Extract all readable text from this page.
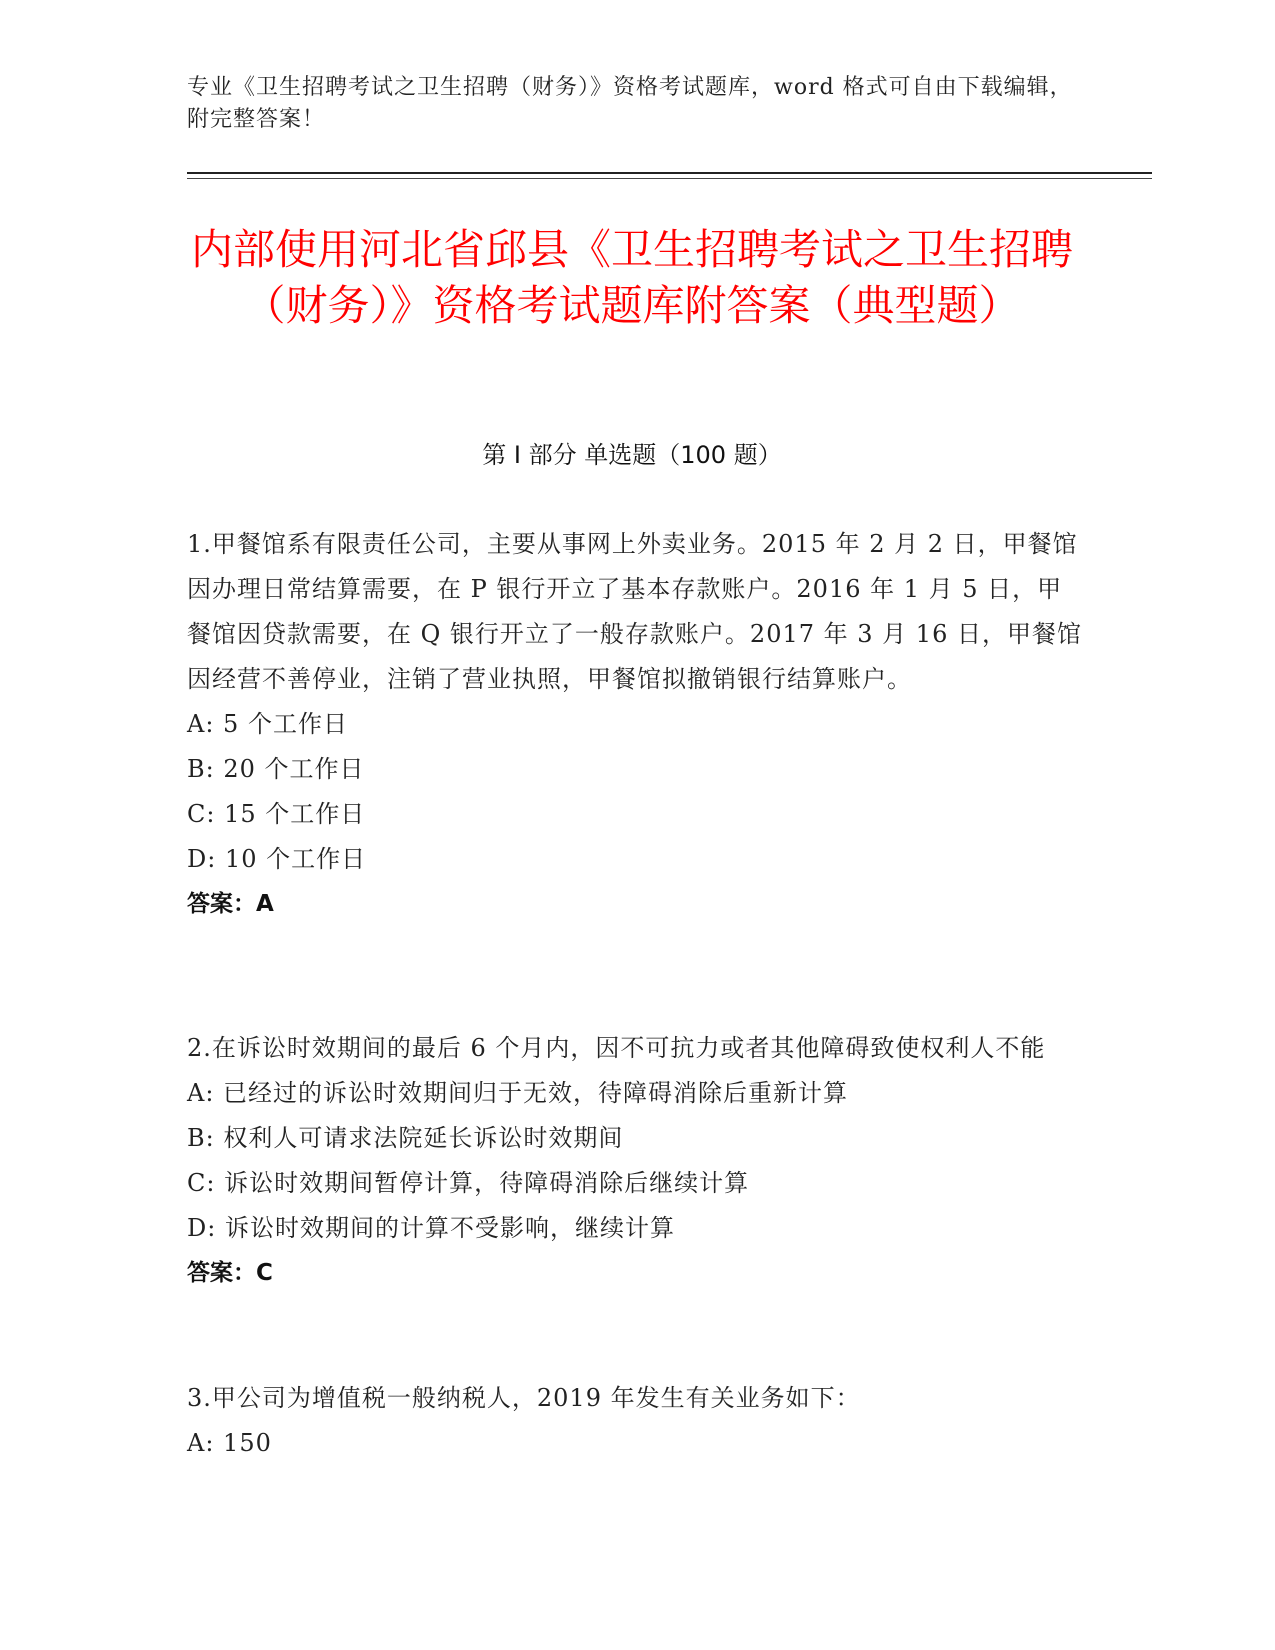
专业《卫生招聘考试之卫生招聘（财务）》资格考试题库，word 格式可自由下载编辑，附完整答案！
内部使用河北省邱县《卫生招聘考试之卫生招聘（财务）》资格考试题库附答案（典型题）
第 I 部分 单选题（100 题）
1.甲餐馆系有限责任公司，主要从事网上外卖业务。2015 年 2 月 2 日，甲餐馆因办理日常结算需要，在 P 银行开立了基本存款账户。2016 年 1 月 5 日，甲餐馆因贷款需要，在 Q 银行开立了一般存款账户。2017 年 3 月 16 日，甲餐馆因经营不善停业，注销了营业执照，甲餐馆拟撤销银行结算账户。
A: 5 个工作日
B: 20 个工作日
C: 15 个工作日
D: 10 个工作日
答案：A
2.在诉讼时效期间的最后 6 个月内，因不可抗力或者其他障碍致使权利人不能
A: 已经过的诉讼时效期间归于无效，待障碍消除后重新计算
B: 权利人可请求法院延长诉讼时效期间
C: 诉讼时效期间暂停计算，待障碍消除后继续计算
D: 诉讼时效期间的计算不受影响，继续计算
答案：C
3.甲公司为增值税一般纳税人，2019 年发生有关业务如下：
A: 150
